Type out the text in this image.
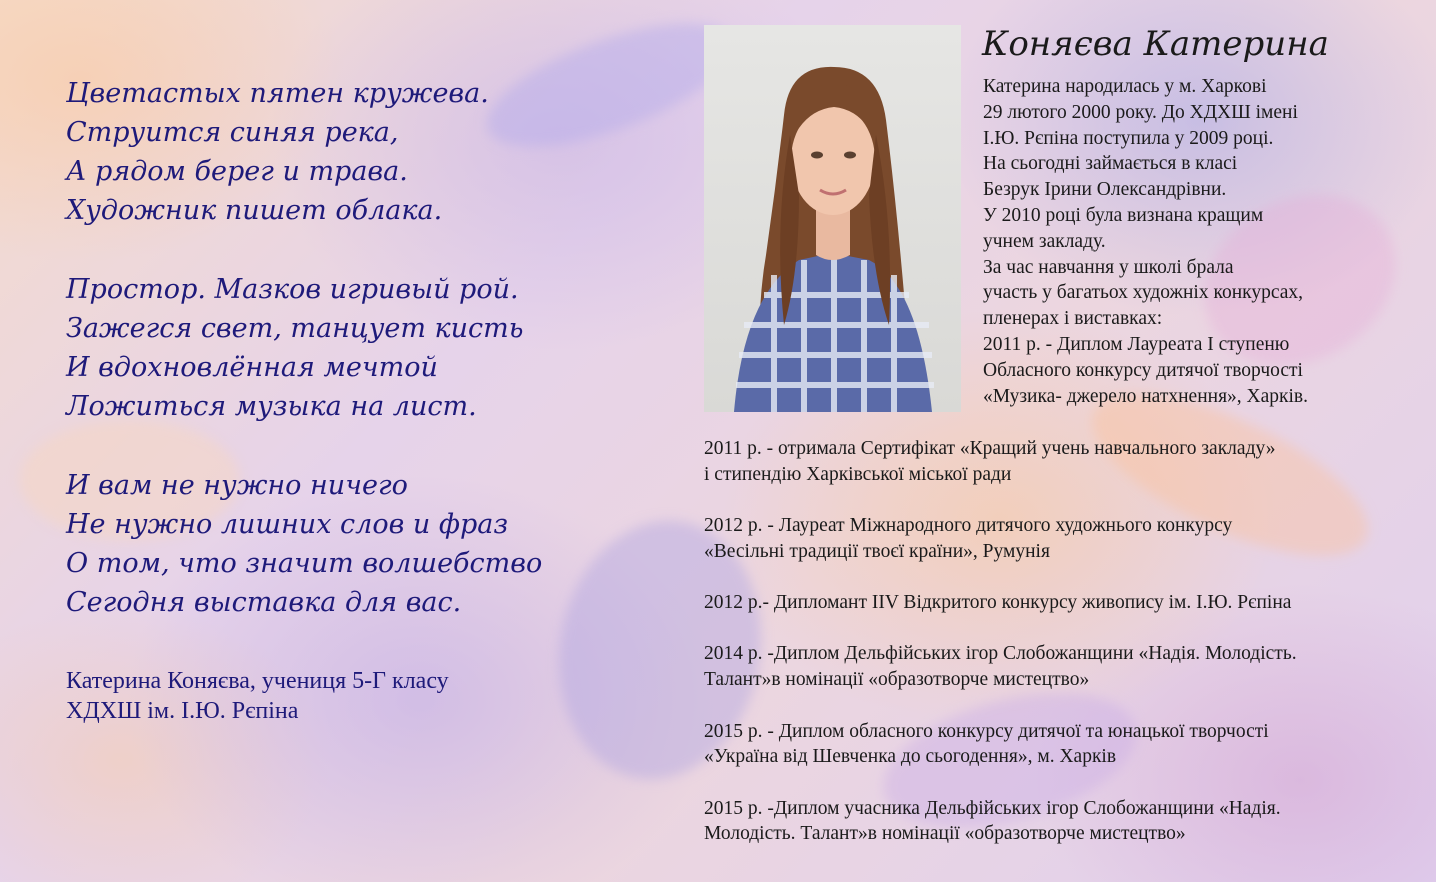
Цветастых пятен кружева.
Струится синяя река,
А рядом берег и трава.
Художник пишет облака.
Простор. Мазков игривый рой.
Зажегся свет, танцует кисть
И вдохновлённая мечтой
Ложиться музыка на лист.
И вам не нужно ничего
Не нужно лишних слов и фраз
О том, что значит волшебство
Сегодня выставка для вас.
Катерина Коняєва, учениця 5-Г класу
ХДХШ ім. І.Ю. Рєпіна
Коняєва Катерина
Катерина народилась у м. Харкові
29 лютого 2000 року. До ХДХШ імені
І.Ю. Рєпіна поступила у 2009 році.
На сьогодні займається в класі
Безрук Ірини Олександрівни.
У 2010 році була визнана кращим
учнем закладу.
За час навчання у школі брала
участь у багатьох художніх конкурсах,
пленерах і виставках:
2011 р. - Диплом Лауреата І ступеню
Обласного конкурсу дитячої творчості
«Музика- джерело натхнення», Харків.
2011 р. - отримала Сертифікат «Кращий учень навчального закладу»
і стипендію Харківської міської ради
2012 р. - Лауреат Міжнародного дитячого художнього конкурсу
«Весільні традиції твоєї країни», Румунія
2012 р.- Дипломант ІІV Відкритого конкурсу живопису ім. І.Ю. Рєпіна
2014 р. -Диплом Дельфійських ігор Слобожанщини «Надія. Молодість.
Талант»в номінації «образотворче мистецтво»
2015 р. - Диплом обласного конкурсу дитячої та юнацької творчості
«Україна від Шевченка до сьогодення», м. Харків
2015 р. -Диплом учасника Дельфійських ігор Слобожанщини «Надія.
Молодість. Талант»в номінації «образотворче мистецтво»
